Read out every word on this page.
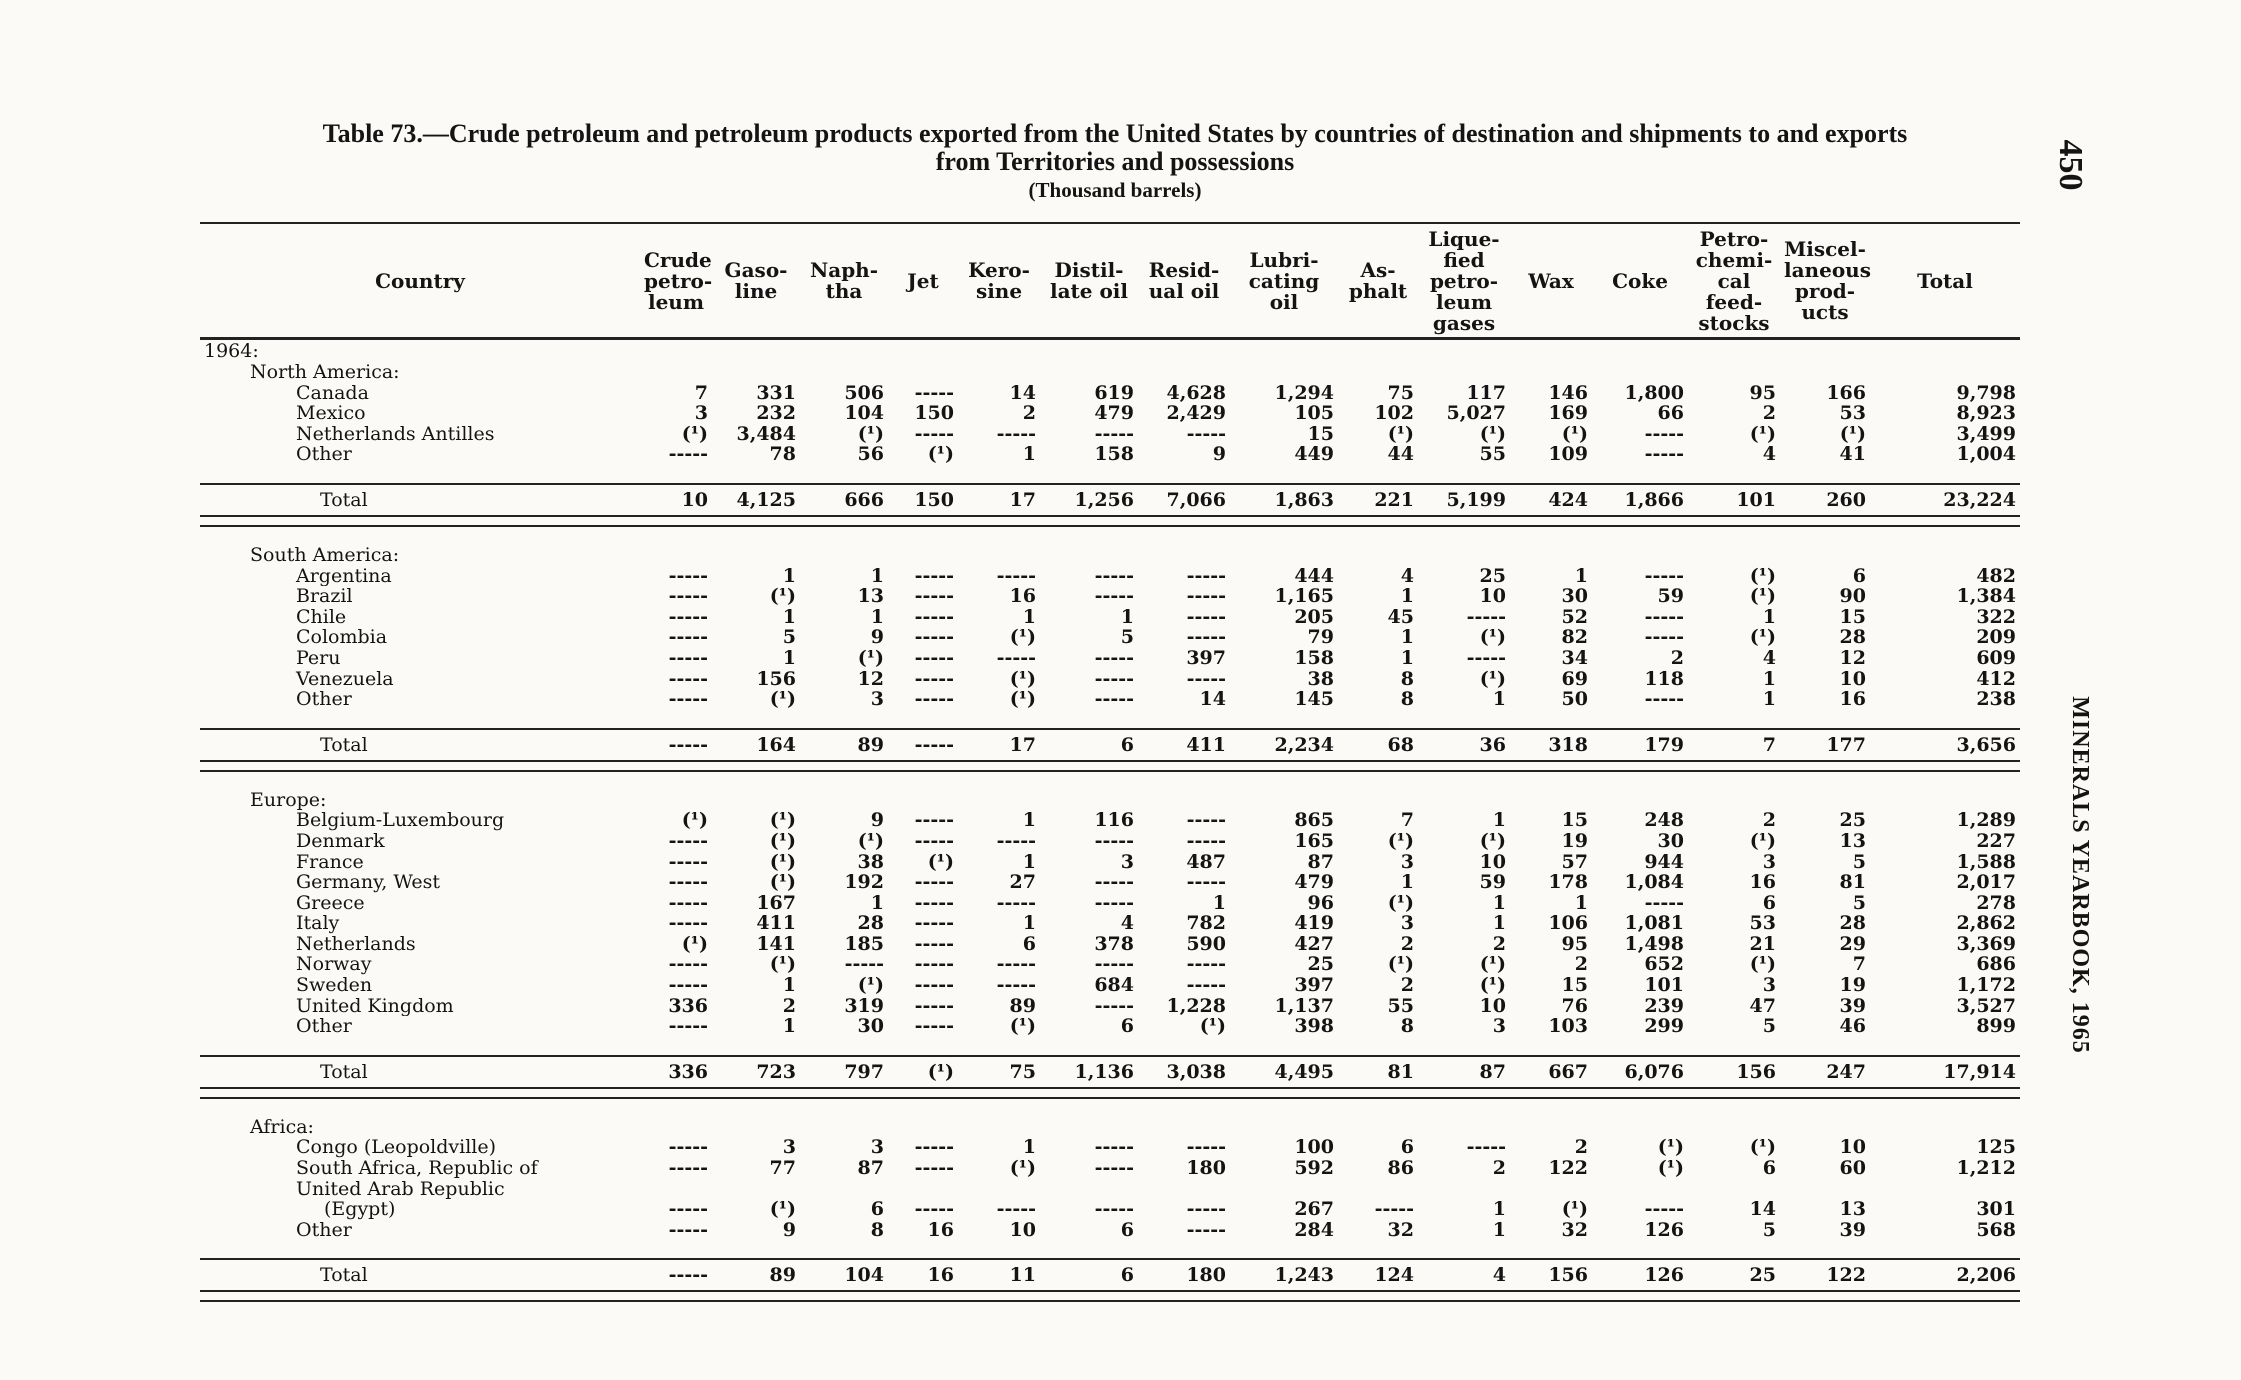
Table 73.—Crude petroleum and petroleum products exported from the United States by countries of destination and shipments to and exports
from Territories and possessions
(Thousand barrels)	450
MINERALS YEARBOOK, 1965
Country	Crude petro-leum	Gaso-line	Naph-tha	Jet	Kero-sine	Distil-late oil	Resid-ual oil	Lubri-cating oil	As-phalt	Lique-fied petro-leum gases	Wax	Coke	Petro-chemi-cal feed-stocks	Miscel-laneous prod-ucts	Total
1964:															
North America:															
Canada	7	331	506	-----	14	619	4,628	1,294	75	117	146	1,800	95	166	9,798
Mexico	3	232	104	150	2	479	2,429	105	102	5,027	169	66	2	53	8,923
Netherlands Antilles	(¹)	3,484	(¹)	-----	-----	-----	-----	15	(¹)	(¹)	(¹)	-----	(¹)	(¹)	3,499
Other	-----	78	56	(¹)	1	158	9	449	44	55	109	-----	4	41	1,004

Total	10	4,125	666	150	17	1,256	7,066	1,863	221	5,199	424	1,866	101	260	23,224

South America:															
Argentina	-----	1	1	-----	-----	-----	-----	444	4	25	1	-----	(¹)	6	482
Brazil	-----	(¹)	13	-----	16	-----	-----	1,165	1	10	30	59	(¹)	90	1,384
Chile	-----	1	1	-----	1	1	-----	205	45	-----	52	-----	1	15	322
Colombia	-----	5	9	-----	(¹)	5	-----	79	1	(¹)	82	-----	(¹)	28	209
Peru	-----	1	(¹)	-----	-----	-----	397	158	1	-----	34	2	4	12	609
Venezuela	-----	156	12	-----	(¹)	-----	-----	38	8	(¹)	69	118	1	10	412
Other	-----	(¹)	3	-----	(¹)	-----	14	145	8	1	50	-----	1	16	238

Total	-----	164	89	-----	17	6	411	2,234	68	36	318	179	7	177	3,656

Europe:															
Belgium-Luxembourg	(¹)	(¹)	9	-----	1	116	-----	865	7	1	15	248	2	25	1,289
Denmark	-----	(¹)	(¹)	-----	-----	-----	-----	165	(¹)	(¹)	19	30	(¹)	13	227
France	-----	(¹)	38	(¹)	1	3	487	87	3	10	57	944	3	5	1,588
Germany, West	-----	(¹)	192	-----	27	-----	-----	479	1	59	178	1,084	16	81	2,017
Greece	-----	167	1	-----	-----	-----	1	96	(¹)	1	1	-----	6	5	278
Italy	-----	411	28	-----	1	4	782	419	3	1	106	1,081	53	28	2,862
Netherlands	(¹)	141	185	-----	6	378	590	427	2	2	95	1,498	21	29	3,369
Norway	-----	(¹)	-----	-----	-----	-----	-----	25	(¹)	(¹)	2	652	(¹)	7	686
Sweden	-----	1	(¹)	-----	-----	684	-----	397	2	(¹)	15	101	3	19	1,172
United Kingdom	336	2	319	-----	89	-----	1,228	1,137	55	10	76	239	47	39	3,527
Other	-----	1	30	-----	(¹)	6	(¹)	398	8	3	103	299	5	46	899

Total	336	723	797	(¹)	75	1,136	3,038	4,495	81	87	667	6,076	156	247	17,914

Africa:															
Congo (Leopoldville)	-----	3	3	-----	1	-----	-----	100	6	-----	2	(¹)	(¹)	10	125
South Africa, Republic of	-----	77	87	-----	(¹)	-----	180	592	86	2	122	(¹)	6	60	1,212
United Arab Republic															
(Egypt)	-----	(¹)	6	-----	-----	-----	-----	267	-----	1	(¹)	-----	14	13	301
Other	-----	9	8	16	10	6	-----	284	32	1	32	126	5	39	568

Total	-----	89	104	16	11	6	180	1,243	124	4	156	126	25	122	2,206
